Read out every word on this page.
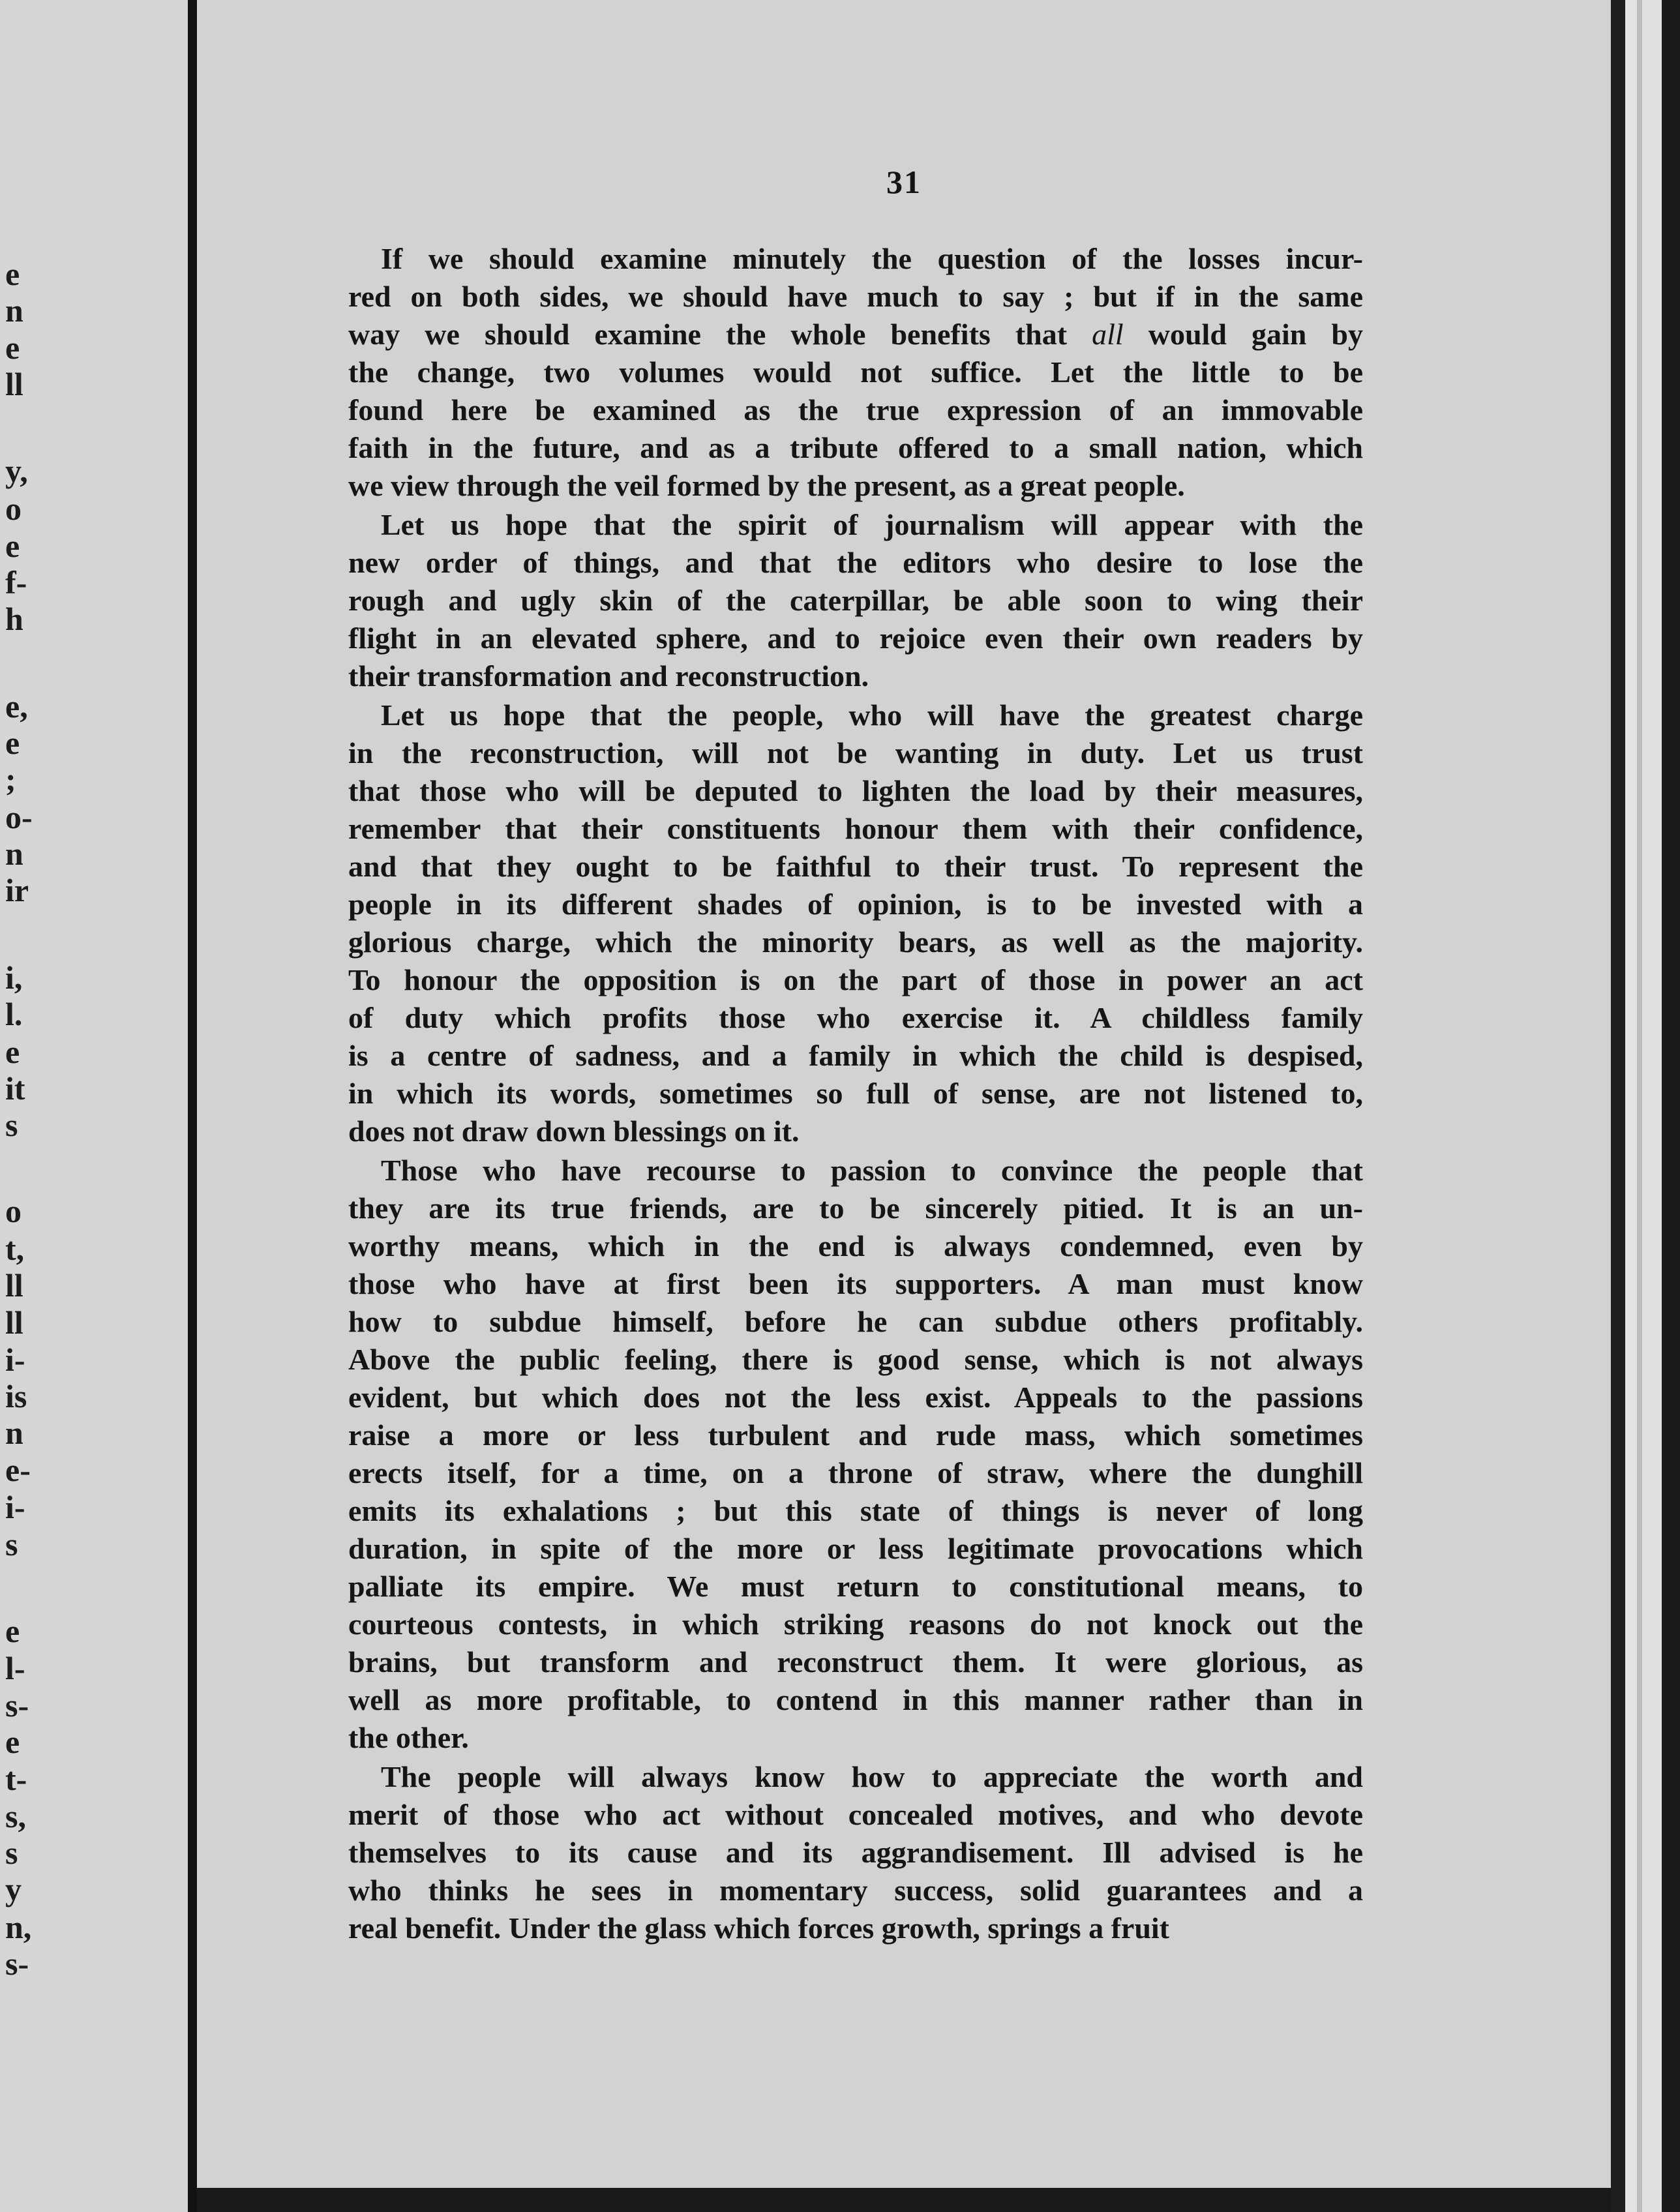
e
n
e
ll
y,
o
e
f-
h
e,
e
;
o-
n
ir
i,
l.
e
it
s
o
t,
ll
ll
i-
is
n
e-
i-
s
e
l-
s-
e
t-
s,
s
y
n,
s-
31
If we should examine minutely the question of the losses incur-
red on both sides, we should have much to say ; but if in the same
way we should examine the whole benefits that all would gain by
the change, two volumes would not suffice. Let the little to be
found here be examined as the true expression of an immovable
faith in the future, and as a tribute offered to a small nation, which
we view through the veil formed by the present, as a great people.
Let us hope that the spirit of journalism will appear with the
new order of things, and that the editors who desire to lose the
rough and ugly skin of the caterpillar, be able soon to wing their
flight in an elevated sphere, and to rejoice even their own readers by
their transformation and reconstruction.
Let us hope that the people, who will have the greatest charge
in the reconstruction, will not be wanting in duty. Let us trust
that those who will be deputed to lighten the load by their measures,
remember that their constituents honour them with their confidence,
and that they ought to be faithful to their trust. To represent the
people in its different shades of opinion, is to be invested with a
glorious charge, which the minority bears, as well as the majority.
To honour the opposition is on the part of those in power an act
of duty which profits those who exercise it. A childless family
is a centre of sadness, and a family in which the child is despised,
in which its words, sometimes so full of sense, are not listened to,
does not draw down blessings on it.
Those who have recourse to passion to convince the people that
they are its true friends, are to be sincerely pitied. It is an un-
worthy means, which in the end is always condemned, even by
those who have at first been its supporters. A man must know
how to subdue himself, before he can subdue others profitably.
Above the public feeling, there is good sense, which is not always
evident, but which does not the less exist. Appeals to the passions
raise a more or less turbulent and rude mass, which sometimes
erects itself, for a time, on a throne of straw, where the dunghill
emits its exhalations ; but this state of things is never of long
duration, in spite of the more or less legitimate provocations which
palliate its empire. We must return to constitutional means, to
courteous contests, in which striking reasons do not knock out the
brains, but transform and reconstruct them. It were glorious, as
well as more profitable, to contend in this manner rather than in
the other.
The people will always know how to appreciate the worth and
merit of those who act without concealed motives, and who devote
themselves to its cause and its aggrandisement. Ill advised is he
who thinks he sees in momentary success, solid guarantees and a
real benefit. Under the glass which forces growth, springs a fruit
